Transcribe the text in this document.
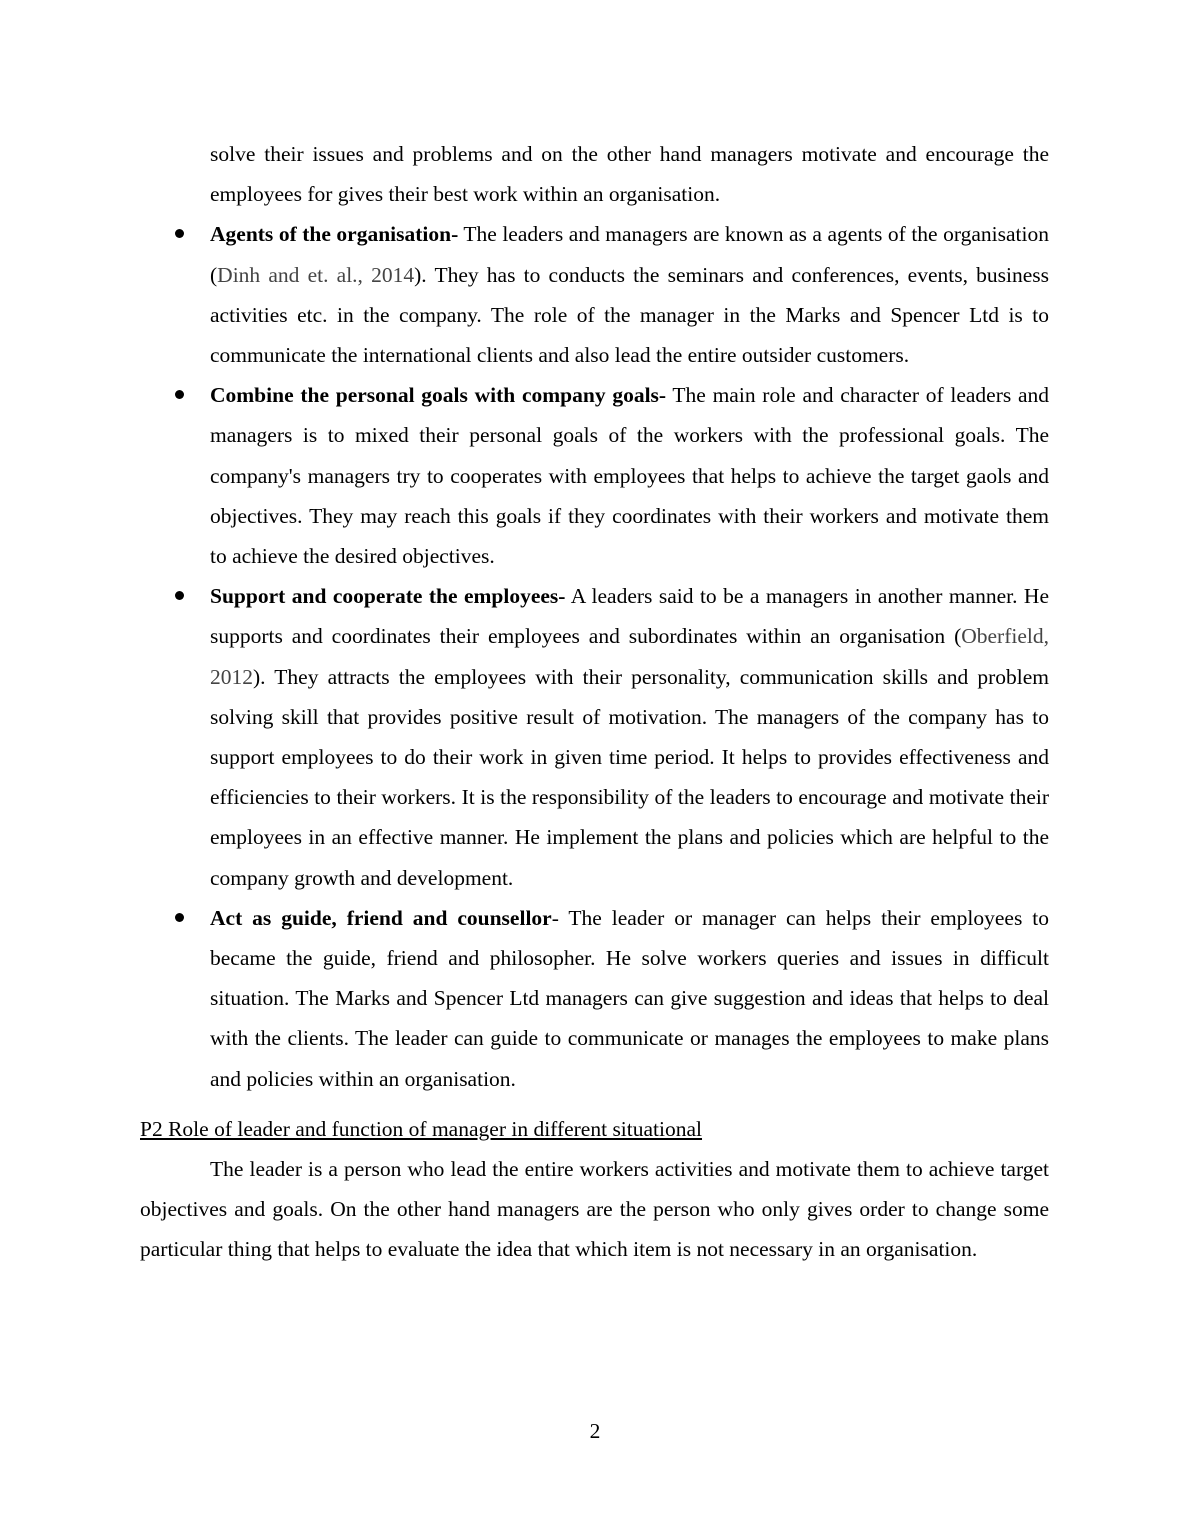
solve their issues and problems and on the other hand managers motivate and encourage the employees for gives their best work within an organisation.

Agents of the organisation- The leaders and managers are known as a agents of the organisation (Dinh and et. al., 2014). They has to conducts the seminars and conferences, events, business activities etc. in the company. The role of the manager in the Marks and Spencer Ltd is to communicate the international clients and also lead the entire outsider customers.
Combine the personal goals with company goals- The main role and character of leaders and managers is to mixed their personal goals of the workers with the professional goals. The company's managers try to cooperates with employees that helps to achieve the target gaols and objectives. They may reach this goals if they coordinates with their workers and motivate them to achieve the desired objectives.
Support and cooperate the employees- A leaders said to be a managers in another manner. He supports and coordinates their employees and subordinates within an organisation (Oberfield, 2012). They attracts the employees with their personality, communication skills and problem solving skill that provides positive result of motivation. The managers of the company has to support employees to do their work in given time period. It helps to provides effectiveness and efficiencies to their workers. It is the responsibility of the leaders to encourage and motivate their employees in an effective manner. He implement the plans and policies which are helpful to the company growth and development.
Act as guide, friend and counsellor- The leader or manager can helps their employees to became the guide, friend and philosopher. He solve workers queries and issues in difficult situation. The Marks and Spencer Ltd managers can give suggestion and ideas that helps to deal with the clients. The leader can guide to communicate or manages the employees to make plans and policies within an organisation.

P2 Role of leader and function of manager in different situational

The leader is a person who lead the entire workers activities and motivate them to achieve target objectives and goals. On the other hand managers are the person who only gives order to change some particular thing that helps to evaluate the idea that which item is not necessary in an organisation.

2
